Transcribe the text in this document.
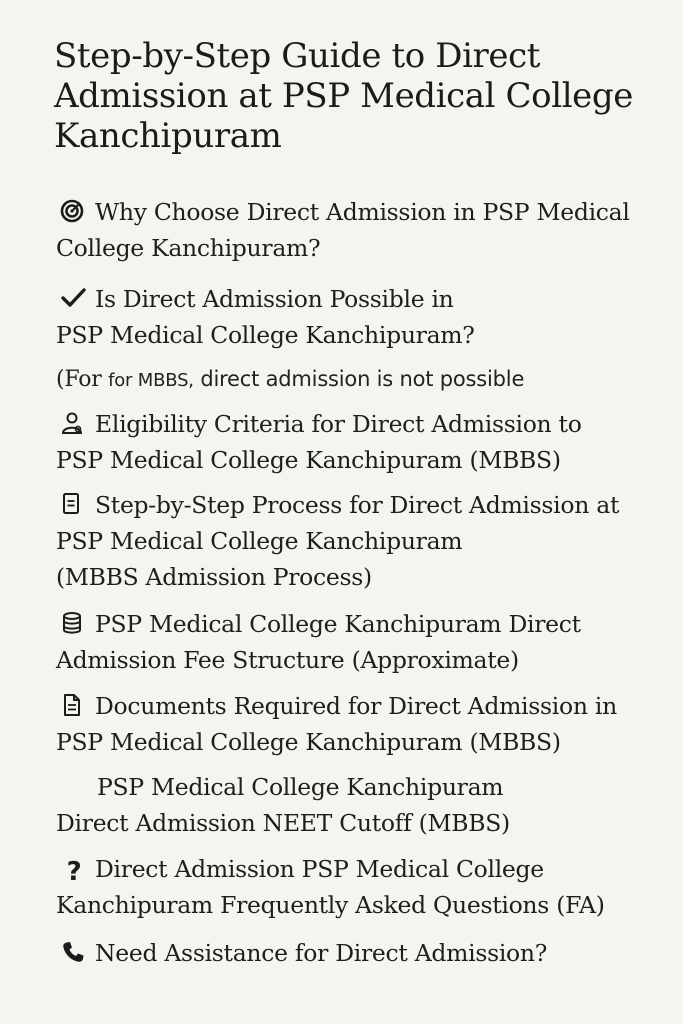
Step-by-Step Guide to Direct Admission at PSP Medical College Kanchipuram
Why Choose Direct Admission in PSP Medical
College Kanchipuram?
Is Direct Admission Possible in
PSP Medical College Kanchipuram?
(For for MBBS, direct admission is not possible
Eligibility Criteria for Direct Admission to
PSP Medical College Kanchipuram (MBBS)
Step-by-Step Process for Direct Admission at
PSP Medical College Kanchipuram
(MBBS Admission Process)
PSP Medical College Kanchipuram Direct
Admission Fee Structure (Approximate)
Documents Required for Direct Admission in
PSP Medical College Kanchipuram (MBBS)
PSP Medical College Kanchipuram
Direct Admission NEET Cutoff (MBBS)
? Direct Admission PSP Medical College
Kanchipuram Frequently Asked Questions (FA)
Need Assistance for Direct Admission?
